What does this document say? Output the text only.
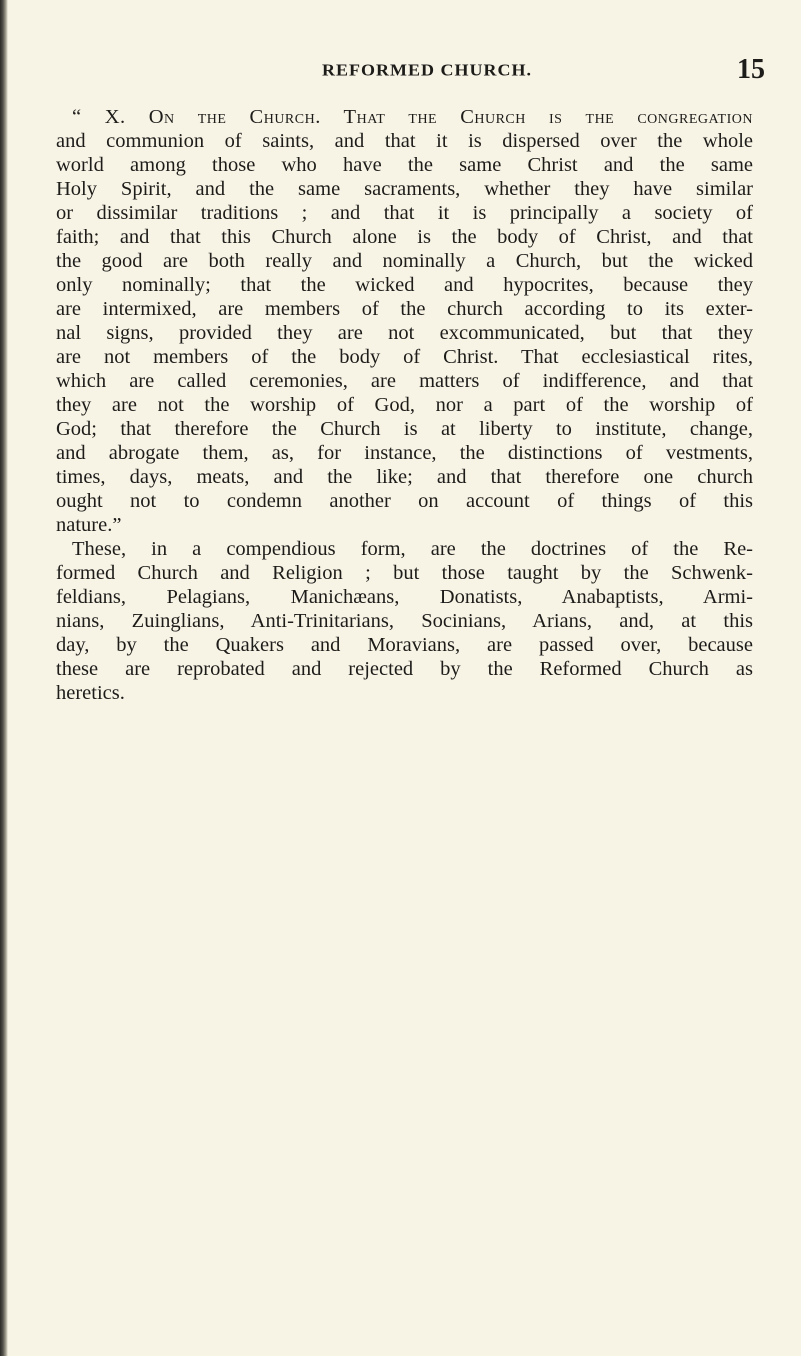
REFORMED CHURCH.	15
“ X. On the Church. That the Church is the congregation
and communion of saints, and that it is dispersed over the whole
world among those who have the same Christ and the same
Holy Spirit, and the same sacraments, whether they have similar
or dissimilar traditions ; and that it is principally a society of
faith; and that this Church alone is the body of Christ, and that
the good are both really and nominally a Church, but the wicked
only nominally; that the wicked and hypocrites, because they
are intermixed, are members of the church according to its exter-
nal signs, provided they are not excommunicated, but that they
are not members of the body of Christ. That ecclesiastical rites,
which are called ceremonies, are matters of indifference, and that
they are not the worship of God, nor a part of the worship of
God; that therefore the Church is at liberty to institute, change,
and abrogate them, as, for instance, the distinctions of vestments,
times, days, meats, and the like; and that therefore one church
ought not to condemn another on account of things of this
nature.”
These, in a compendious form, are the doctrines of the Re-
formed Church and Religion ; but those taught by the Schwenk-
feldians, Pelagians, Manichæans, Donatists, Anabaptists, Armi-
nians, Zuinglians, Anti-Trinitarians, Socinians, Arians, and, at this
day, by the Quakers and Moravians, are passed over, because
these are reprobated and rejected by the Reformed Church as
heretics.
